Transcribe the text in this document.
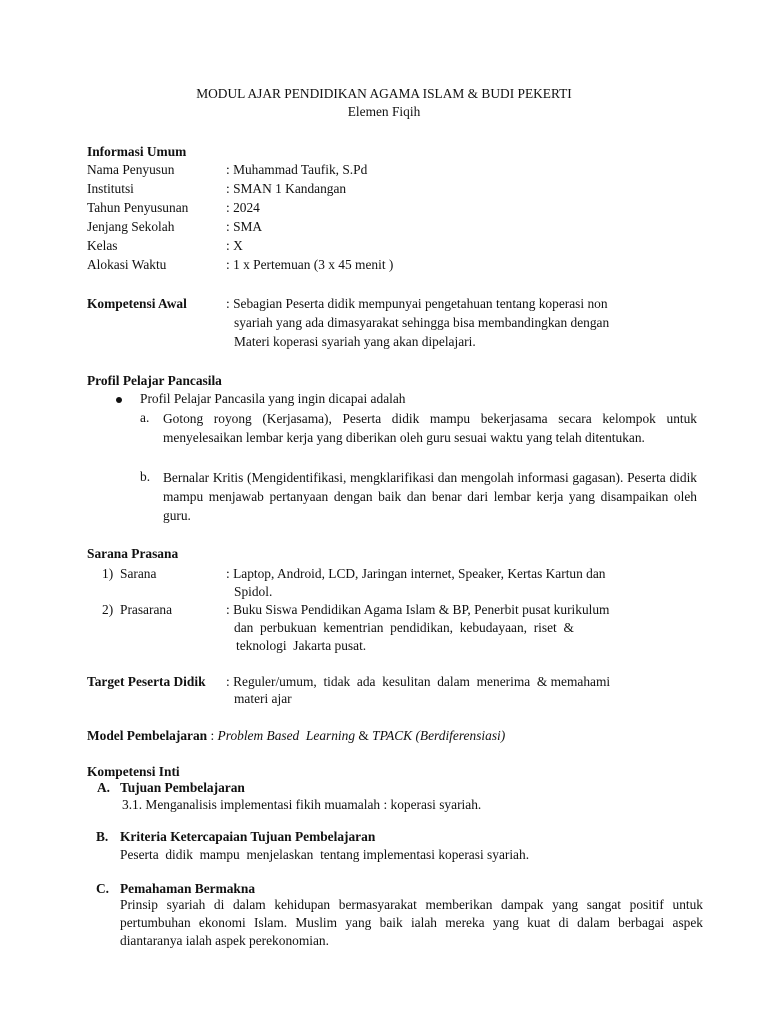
MODUL AJAR PENDIDIKAN AGAMA ISLAM & BUDI PEKERTI
Elemen Fiqih
Informasi Umum
Nama Penyusun	: Muhammad Taufik, S.Pd
Institutsi	: SMAN 1 Kandangan
Tahun Penyusunan	: 2024
Jenjang Sekolah	: SMA
Kelas	: X
Alokasi Waktu	: 1 x Pertemuan (3 x 45 menit )
Kompetensi Awal	: Sebagian Peserta didik mempunyai pengetahuan tentang koperasi non
syariah yang ada dimasyarakat sehingga bisa membandingkan dengan
Materi koperasi syariah yang akan dipelajari.
Profil Pelajar Pancasila
Profil Pelajar Pancasila yang ingin dicapai adalah
a. Gotong royong (Kerjasama), Peserta didik mampu bekerjasama secara kelompok untuk menyelesaikan lembar kerja yang diberikan oleh guru sesuai waktu yang telah ditentukan.
b. Bernalar Kritis (Mengidentifikasi, mengklarifikasi dan mengolah informasi gagasan). Peserta didik mampu menjawab pertanyaan dengan baik dan benar dari lembar kerja yang disampaikan oleh guru.
Sarana Prasana
1) Sarana	: Laptop, Android, LCD, Jaringan internet, Speaker, Kertas Kartun dan
Spidol.
2) Prasarana	: Buku Siswa Pendidikan Agama Islam & BP, Penerbit pusat kurikulum
dan  perbukuan  kementrian  pendidikan,  kebudayaan,  riset  &
teknologi  Jakarta pusat.
Target Peserta Didik : Reguler/umum,  tidak  ada  kesulitan  dalam  menerima  & memahami
materi ajar
Model Pembelajaran : Problem Based  Learning & TPACK (Berdiferensiasi)
Kompetensi Inti
A. Tujuan Pembelajaran
3.1. Menganalisis implementasi fikih muamalah : koperasi syariah.
B. Kriteria Ketercapaian Tujuan Pembelajaran
Peserta  didik  mampu  menjelaskan  tentang implementasi koperasi syariah.
C. Pemahaman Bermakna
Prinsip syariah di dalam kehidupan bermasyarakat memberikan dampak yang sangat positif untuk pertumbuhan ekonomi Islam. Muslim yang baik ialah mereka yang kuat di dalam berbagai aspek diantaranya ialah aspek perekonomian.
